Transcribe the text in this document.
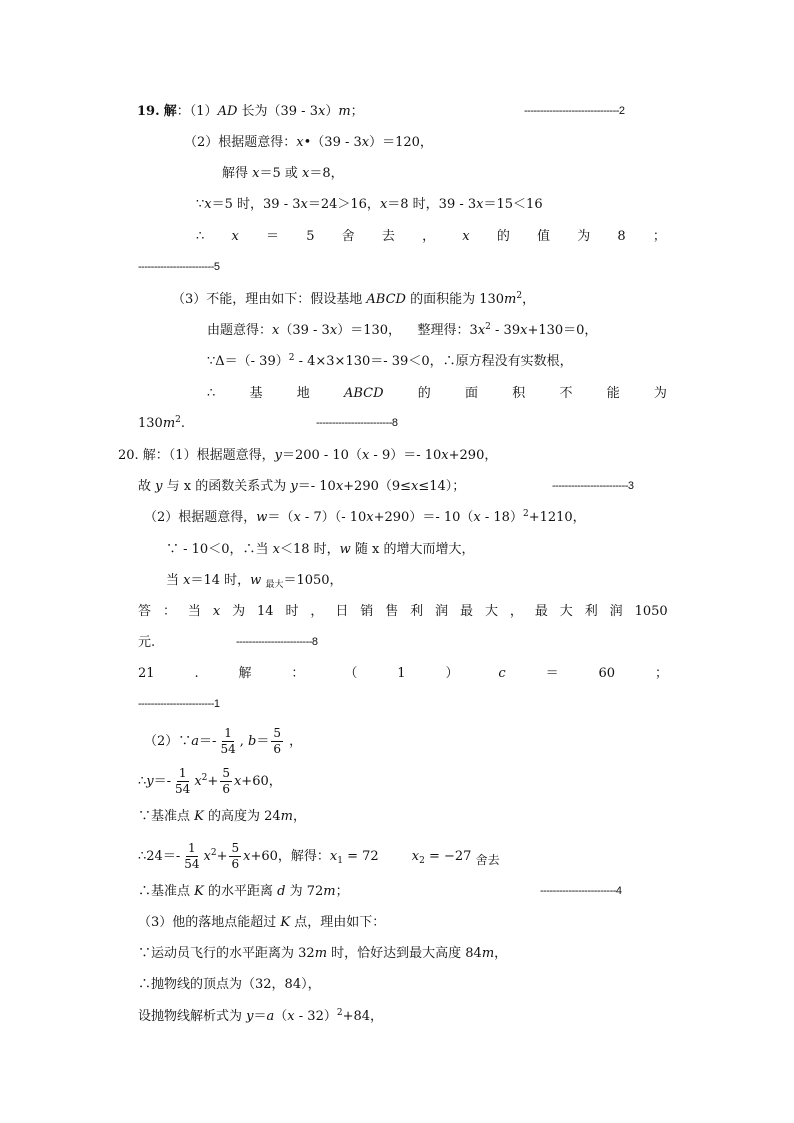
19. 解：（1）AD 长为（39 - 3x）m；	------------------------------2
（2）根据题意得：x•（39 - 3x）＝120，
解得 x＝5 或 x＝8，
∵x＝5 时，39 - 3x＝24＞16，x＝8 时，39 - 3x＝15＜16
∴ x ＝ 5 舍 去 ， x 的 值 为 8 ；
------------------------5
（3）不能，理由如下：假设基地 ABCD 的面积能为 $130m^2$，
由题意得：x（39 - 3x）＝130，    整理得：$3x^2 - 39x+130=0$，
∵Δ＝（- 39）$^2$ - 4×3×130＝- 39＜0，∴原方程没有实数根，
∴	基	地	ABCD	的	面	积	不	能	为
$130m^2$.	------------------------8
20. 解：（1）根据题意得，y＝200 - 10（x - 9）＝- 10x+290，
故 y 与 x 的函数关系式为 y＝- 10x+290（9≤x≤14）；	------------------------3
（2）根据题意得，w＝（x - 7）（- 10x+290）＝- 10（x - 18）$^2$+1210，
∵ - 10＜0，∴当 x＜18 时，w 随 x 的增大而增大，
当 x＝14 时，w $_{最大}$＝1050，
答 ： 当 x 为 14 时 ， 日 销 售 利 润 最 大 ， 最 大 利 润 1050
元.	------------------------8
21	.	解	：	（	1	）	c	＝	60	；
------------------------1
（2）∵a＝- $\frac{1}{54}$ , $b= \frac{5}{6}$ ，
∴y＝- $\frac{1}{54} x^2+ \frac{5}{6} x+60$，
∵基准点 K 的高度为 24m，
∴24＝- $\frac{1}{54} x^2+ \frac{5}{6} x+60$，解得：$x_1 = 72$        $x_2 = -27$ 舍去
∴基准点 K 的水平距离 d 为 72m；	------------------------4
（3）他的落地点能超过 K 点，理由如下：
∵运动员飞行的水平距离为 32m 时，恰好达到最大高度 84m，
∴抛物线的顶点为（32，84），
设抛物线解析式为 y＝a（x - 32）$^2$+84，
